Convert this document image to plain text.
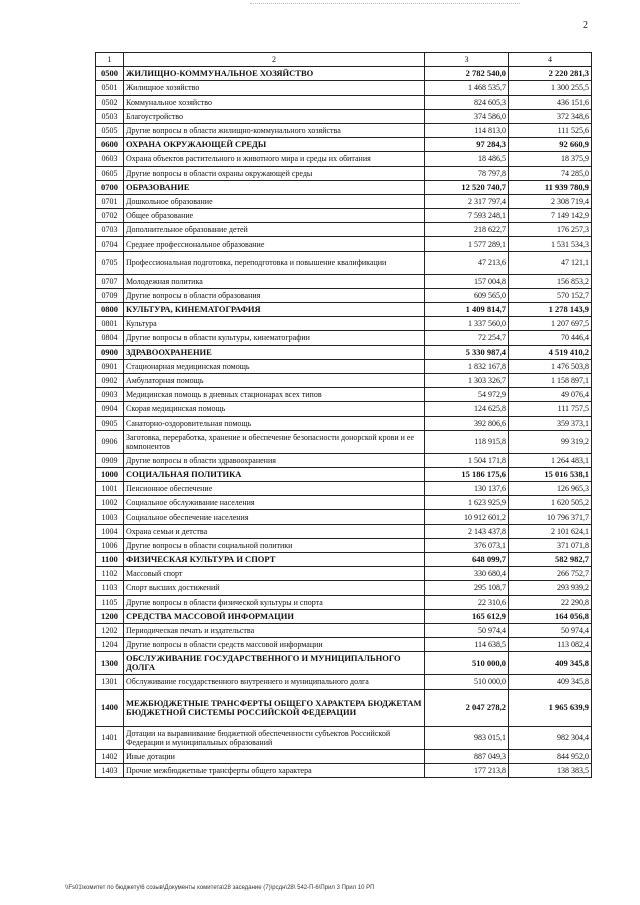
2
1	2	3	4
0500	ЖИЛИЩНО-КОММУНАЛЬНОЕ ХОЗЯЙСТВО	2 782 540,0	2 220 281,3
0501	Жилищное хозяйство	1 468 535,7	1 300 255,5
0502	Коммунальное хозяйство	824 605,3	436 151,6
0503	Благоустройство	374 586,0	372 348,6
0505	Другие вопросы в области жилищно-коммунального хозяйства	114 813,0	111 525,6
0600	ОХРАНА ОКРУЖАЮЩЕЙ СРЕДЫ	97 284,3	92 660,9
0603	Охрана объектов растительного и животного мира и среды их обитания	18 486,5	18 375,9
0605	Другие вопросы в области охраны окружающей среды	78 797,8	74 285,0
0700	ОБРАЗОВАНИЕ	12 520 740,7	11 939 780,9
0701	Дошкольное образование	2 317 797,4	2 308 719,4
0702	Общее образование	7 593 248,1	7 149 142,9
0703	Дополнительное образование детей	218 622,7	176 257,3
0704	Среднее профессиональное образование	1 577 289,1	1 531 534,3
0705	Профессиональная подготовка, переподготовка и повышение квалификации	47 213,6	47 121,1
0707	Молодежная политика	157 004,8	156 853,2
0709	Другие вопросы в области образования	609 565,0	570 152,7
0800	КУЛЬТУРА, КИНЕМАТОГРАФИЯ	1 409 814,7	1 278 143,9
0801	Культура	1 337 560,0	1 207 697,5
0804	Другие вопросы в области культуры, кинематографии	72 254,7	70 446,4
0900	ЗДРАВООХРАНЕНИЕ	5 330 987,4	4 519 410,2
0901	Стационарная медицинская помощь	1 832 167,8	1 476 503,8
0902	Амбулаторная помощь	1 303 326,7	1 158 897,1
0903	Медицинская помощь в дневных стационарах всех типов	54 972,9	49 076,4
0904	Скорая медицинская помощь	124 625,8	111 757,5
0905	Санаторно-оздоровительная помощь	392 806,6	359 373,1
0906	Заготовка, переработка, хранение и обеспечение безопасности донорской крови и ее компонентов	118 915,8	99 319,2
0909	Другие вопросы в области здравоохранения	1 504 171,8	1 264 483,1
1000	СОЦИАЛЬНАЯ ПОЛИТИКА	15 186 175,6	15 016 538,1
1001	Пенсионное обеспечение	130 137,6	126 965,3
1002	Социальное обслуживание населения	1 623 925,9	1 620 505,2
1003	Социальное обеспечение населения	10 912 601,2	10 796 371,7
1004	Охрана семьи и детства	2 143 437,8	2 101 624,1
1006	Другие вопросы в области социальной политики	376 073,1	371 071,8
1100	ФИЗИЧЕСКАЯ КУЛЬТУРА И СПОРТ	648 099,7	582 982,7
1102	Массовый спорт	330 680,4	266 752,7
1103	Спорт высших достижений	295 108,7	293 939,2
1105	Другие вопросы в области физической культуры и спорта	22 310,6	22 290,8
1200	СРЕДСТВА МАССОВОЙ ИНФОРМАЦИИ	165 612,9	164 056,8
1202	Периодическая печать и издательства	50 974,4	50 974,4
1204	Другие вопросы в области средств массовой информации	114 638,5	113 082,4
1300	ОБСЛУЖИВАНИЕ ГОСУДАРСТВЕННОГО И МУНИЦИПАЛЬНОГО ДОЛГА	510 000,0	409 345,8
1301	Обслуживание государственного внутреннего и муниципального долга	510 000,0	409 345,8
1400	МЕЖБЮДЖЕТНЫЕ ТРАНСФЕРТЫ ОБЩЕГО ХАРАКТЕРА БЮДЖЕТАМ БЮДЖЕТНОЙ СИСТЕМЫ РОССИЙСКОЙ ФЕДЕРАЦИИ	2 047 278,2	1 965 639,9
1401	Дотации на выравнивание бюджетной обеспеченности субъектов Российской Федерации и муниципальных образований	983 015,1	982 304,4
1402	Иные дотации	887 049,3	844 952,0
1403	Прочие межбюджетные трансферты общего характера	177 213,8	138 383,5
\\Fs01\комитет по бюджету\6 созыв\Документы комитета\28 заседание (7)\рсдн\28\ 542-П-6\Прил 3 Прил 10 РП
